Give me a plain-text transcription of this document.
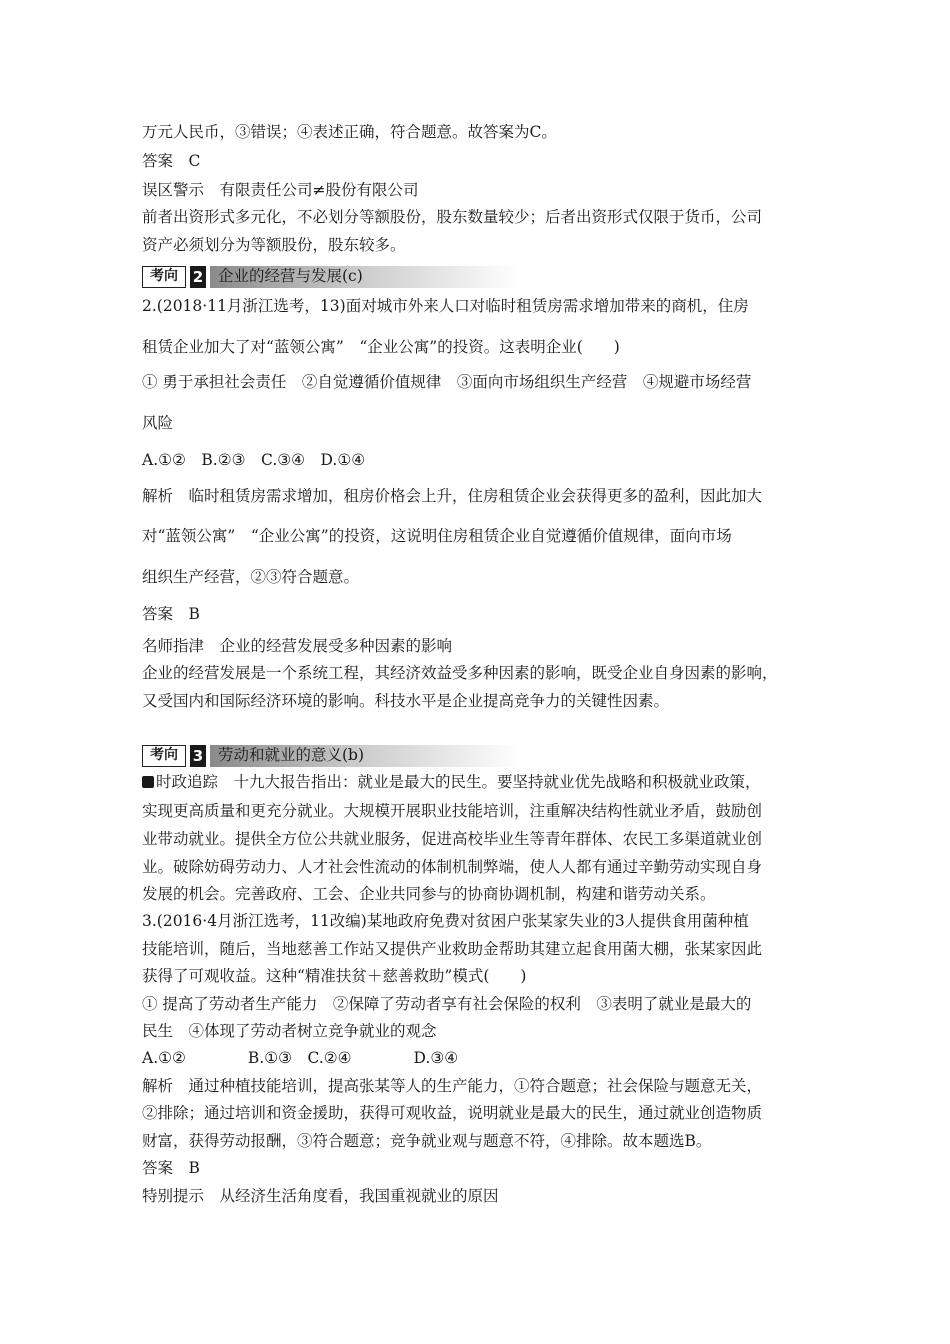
万元人民币，③错误；④表述正确，符合题意。故答案为C。
答案　C
误区警示　有限责任公司≠股份有限公司
前者出资形式多元化，不必划分等额股份，股东数量较少；后者出资形式仅限于货币，公司
资产必须划分为等额股份，股东较多。
考向 2 企业的经营与发展(c)
2.(2018·11月浙江选考，13)面对城市外来人口对临时租赁房需求增加带来的商机，住房
租赁企业加大了对“蓝领公寓”　“企业公寓”的投资。这表明企业(　　)
① 勇于承担社会责任　②自觉遵循价值规律　③面向市场组织生产经营　④规避市场经营
风险
A.①②　B.②③　C.③④　D.①④
解析　临时租赁房需求增加，租房价格会上升，住房租赁企业会获得更多的盈利，因此加大
对“蓝领公寓”　“企业公寓”的投资，这说明住房租赁企业自觉遵循价值规律，面向市场
组织生产经营，②③符合题意。
答案　B
名师指津　企业的经营发展受多种因素的影响
企业的经营发展是一个系统工程，其经济效益受多种因素的影响，既受企业自身因素的影响，
又受国内和国际经济环境的影响。科技水平是企业提高竞争力的关键性因素。
考向 3 劳动和就业的意义(b)
时政追踪　十九大报告指出：就业是最大的民生。要坚持就业优先战略和积极就业政策，
实现更高质量和更充分就业。大规模开展职业技能培训，注重解决结构性就业矛盾，鼓励创
业带动就业。提供全方位公共就业服务，促进高校毕业生等青年群体、农民工多渠道就业创
业。破除妨碍劳动力、人才社会性流动的体制机制弊端，使人人都有通过辛勤劳动实现自身
发展的机会。完善政府、工会、企业共同参与的协商协调机制，构建和谐劳动关系。
3.(2016·4月浙江选考，11改编)某地政府免费对贫困户张某家失业的3人提供食用菌种植
技能培训，随后，当地慈善工作站又提供产业救助金帮助其建立起食用菌大棚，张某家因此
获得了可观收益。这种“精准扶贫＋慈善救助”模式(　　)
① 提高了劳动者生产能力　②保障了劳动者享有社会保险的权利　③表明了就业是最大的
民生　④体现了劳动者树立竞争就业的观念
A.①②　　　　B.①③　C.②④　　　　D.③④
解析　通过种植技能培训，提高张某等人的生产能力，①符合题意；社会保险与题意无关，
②排除；通过培训和资金援助，获得可观收益，说明就业是最大的民生，通过就业创造物质
财富，获得劳动报酬，③符合题意；竞争就业观与题意不符，④排除。故本题选B。
答案　B
特别提示　从经济生活角度看，我国重视就业的原因
